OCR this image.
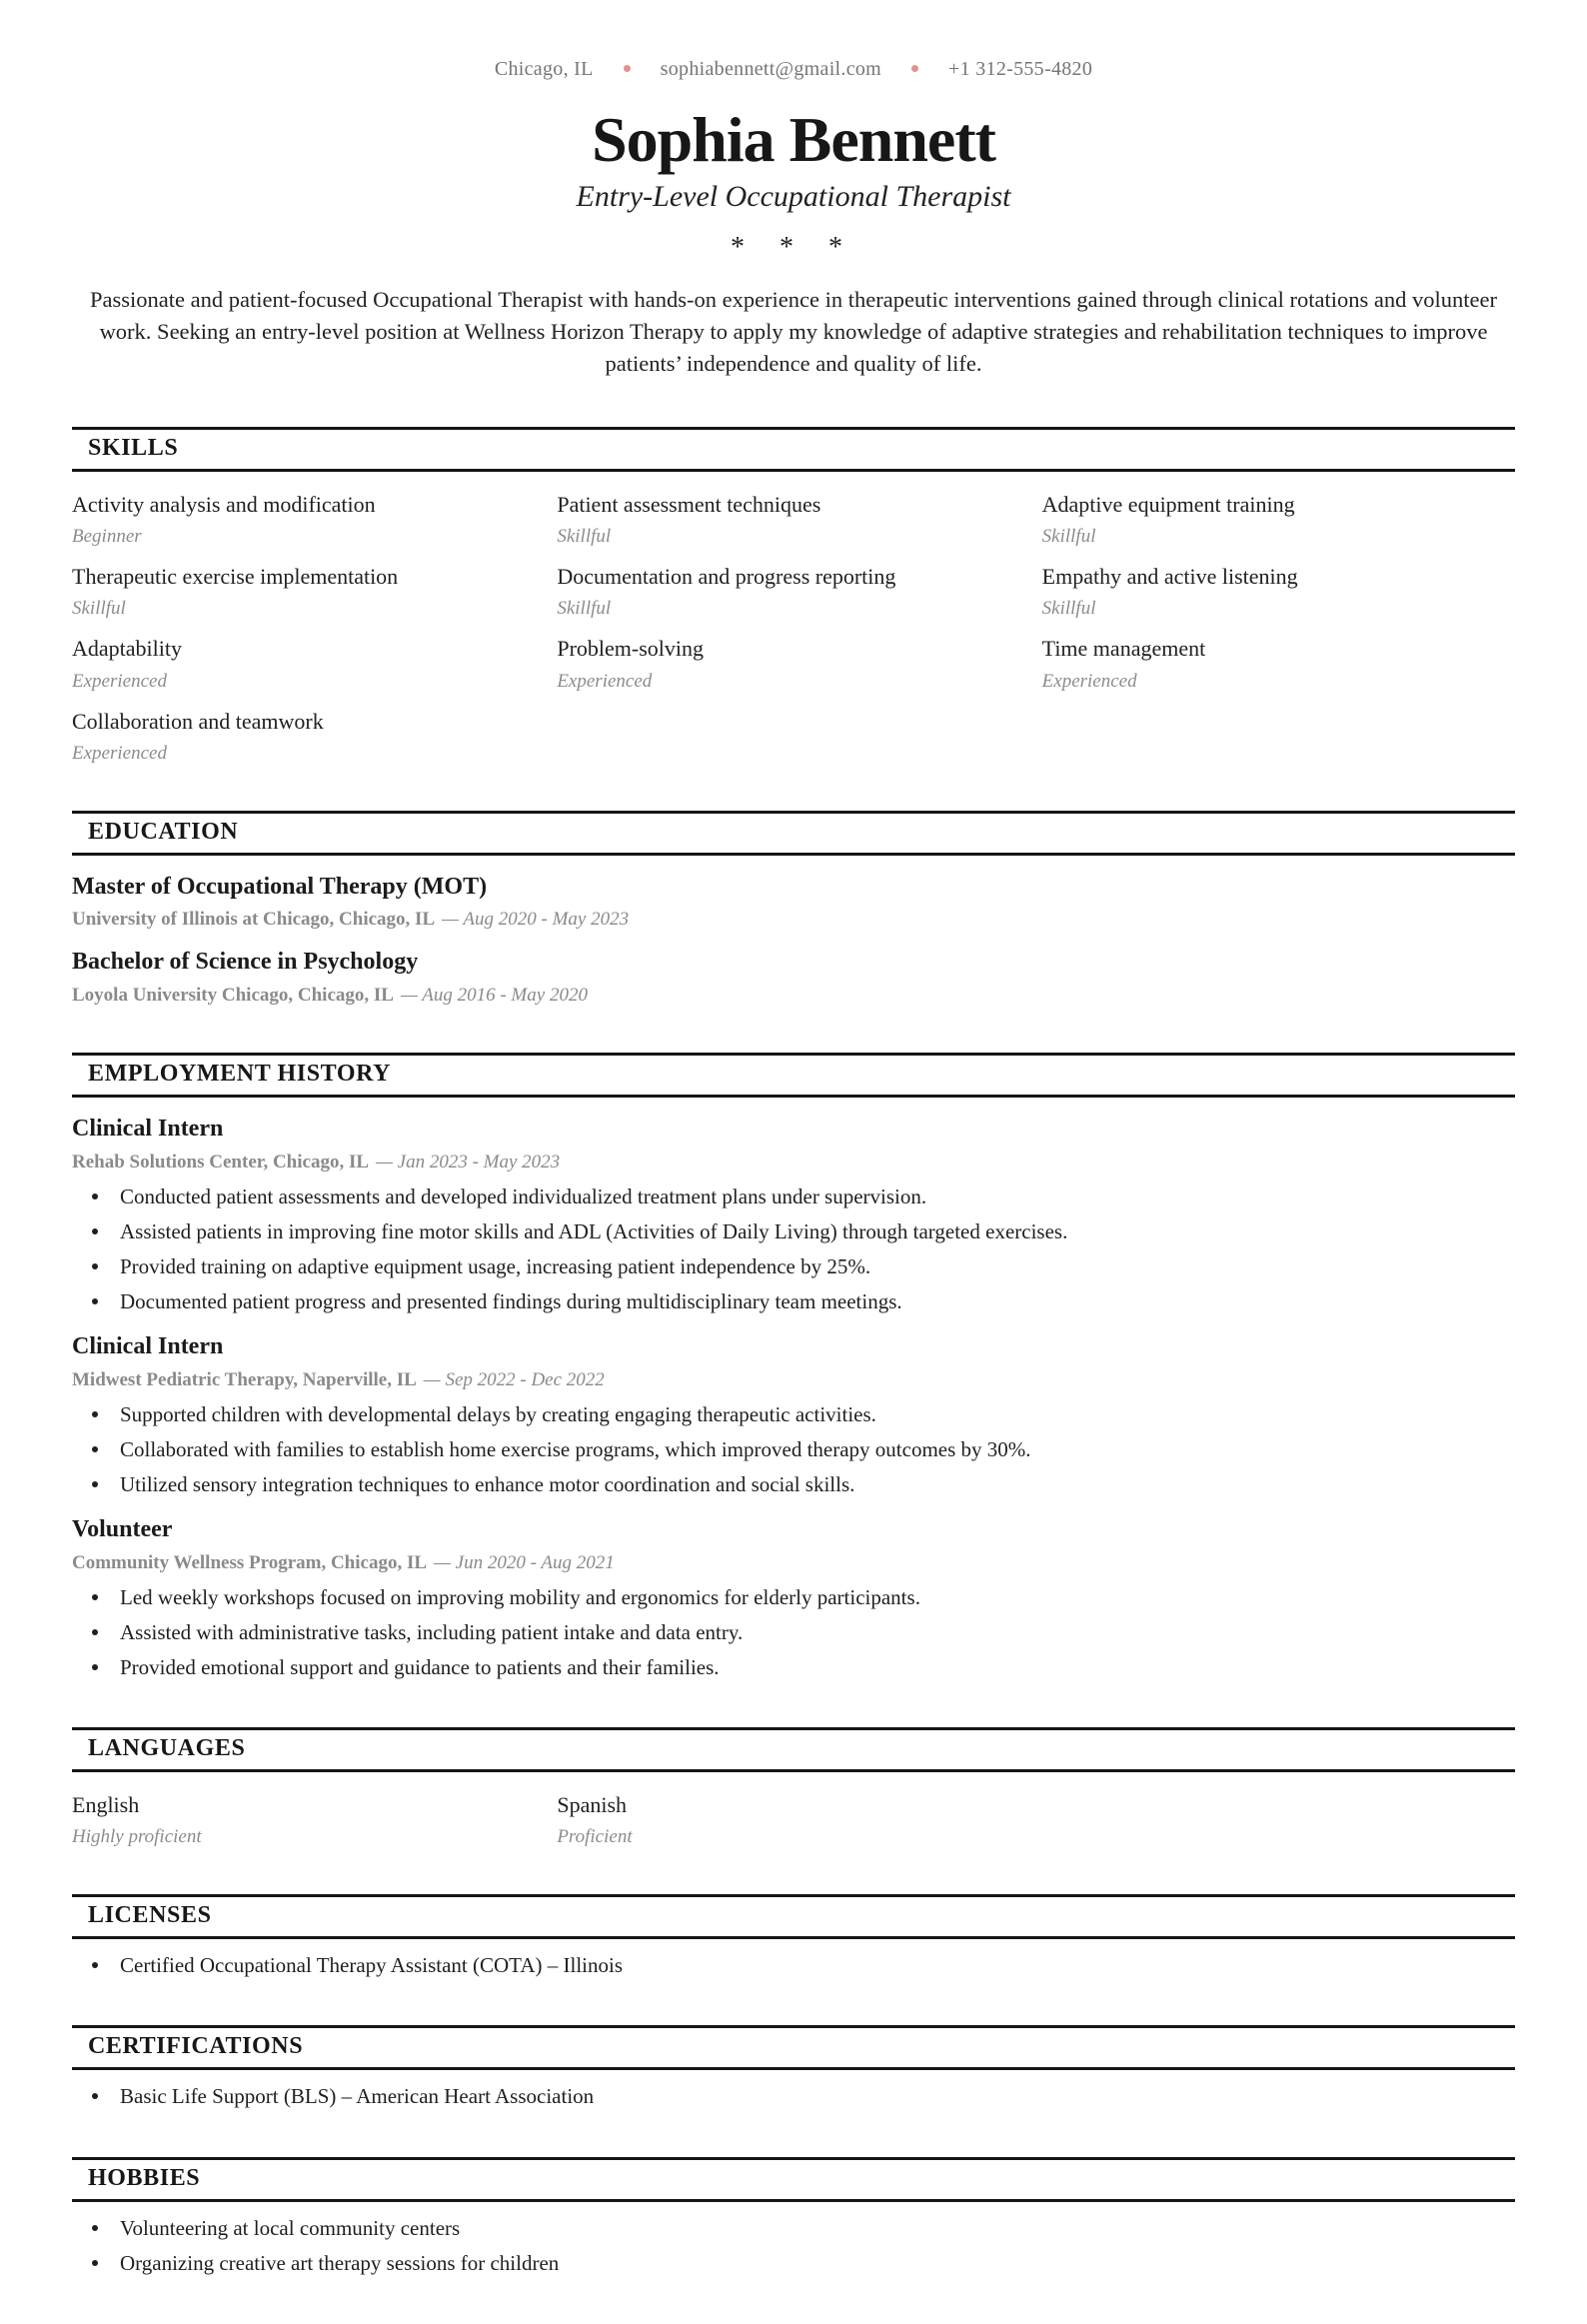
Chicago, IL	sophiabennett@gmail.com	+1 312-555-4820
Sophia Bennett
Entry-Level Occupational Therapist
* * *

Passionate and patient-focused Occupational Therapist with hands-on experience in therapeutic interventions gained through clinical rotations and volunteer work. Seeking an entry-level position at Wellness Horizon Therapy to apply my knowledge of adaptive strategies and rehabilitation techniques to improve patients’ independence and quality of life.

SKILLS
Activity analysis and modification
Beginner
Patient assessment techniques
Skillful
Adaptive equipment training
Skillful
Therapeutic exercise implementation
Skillful
Documentation and progress reporting
Skillful
Empathy and active listening
Skillful
Adaptability
Experienced
Problem-solving
Experienced
Time management
Experienced
Collaboration and teamwork
Experienced
EDUCATION
Master of Occupational Therapy (MOT)
University of Illinois at Chicago, Chicago, IL — Aug 2020 - May 2023
Bachelor of Science in Psychology
Loyola University Chicago, Chicago, IL — Aug 2016 - May 2020
EMPLOYMENT HISTORY
Clinical Intern
Rehab Solutions Center, Chicago, IL — Jan 2023 - May 2023
Conducted patient assessments and developed individualized treatment plans under supervision.
Assisted patients in improving fine motor skills and ADL (Activities of Daily Living) through targeted exercises.
Provided training on adaptive equipment usage, increasing patient independence by 25%.
Documented patient progress and presented findings during multidisciplinary team meetings.
Clinical Intern
Midwest Pediatric Therapy, Naperville, IL — Sep 2022 - Dec 2022
Supported children with developmental delays by creating engaging therapeutic activities.
Collaborated with families to establish home exercise programs, which improved therapy outcomes by 30%.
Utilized sensory integration techniques to enhance motor coordination and social skills.
Volunteer
Community Wellness Program, Chicago, IL — Jun 2020 - Aug 2021
Led weekly workshops focused on improving mobility and ergonomics for elderly participants.
Assisted with administrative tasks, including patient intake and data entry.
Provided emotional support and guidance to patients and their families.
LANGUAGES
English
Highly proficient
Spanish
Proficient
LICENSES
Certified Occupational Therapy Assistant (COTA) – Illinois
CERTIFICATIONS
Basic Life Support (BLS) – American Heart Association
HOBBIES
Volunteering at local community centers
Organizing creative art therapy sessions for children
